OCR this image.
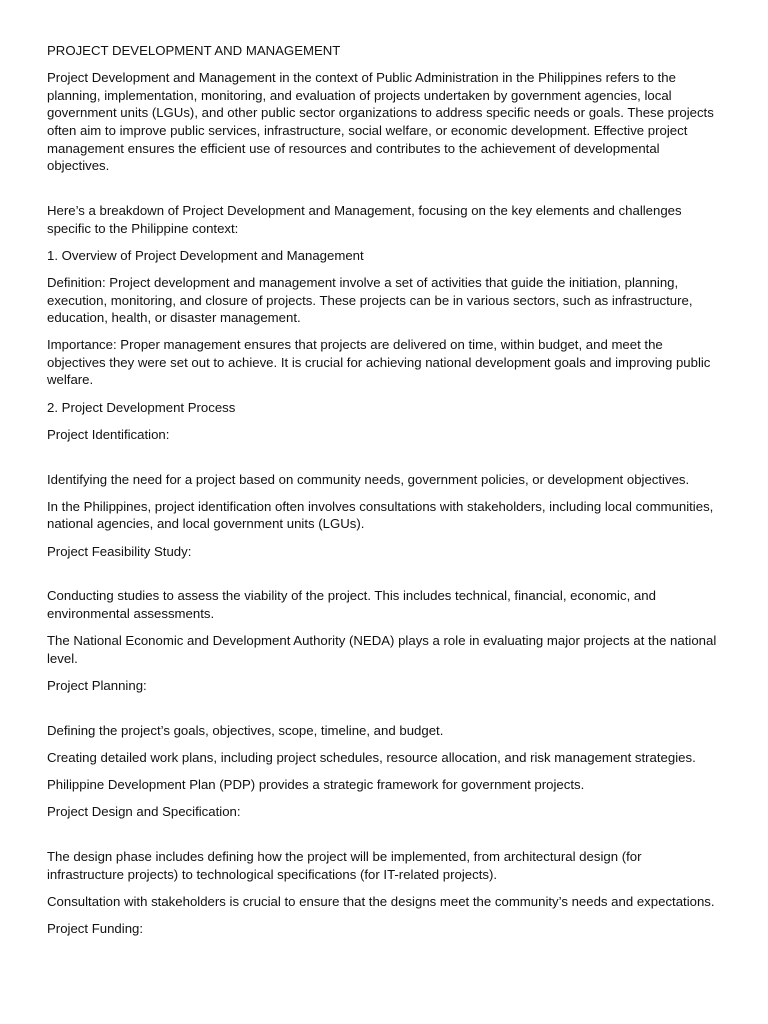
PROJECT DEVELOPMENT AND MANAGEMENT

Project Development and Management in the context of Public Administration in the Philippines refers to the planning, implementation, monitoring, and evaluation of projects undertaken by government agencies, local government units (LGUs), and other public sector organizations to address specific needs or goals. These projects often aim to improve public services, infrastructure, social welfare, or economic development. Effective project management ensures the efficient use of resources and contributes to the achievement of developmental objectives.

Here’s a breakdown of Project Development and Management, focusing on the key elements and challenges specific to the Philippine context:

1. Overview of Project Development and Management

Definition: Project development and management involve a set of activities that guide the initiation, planning, execution, monitoring, and closure of projects. These projects can be in various sectors, such as infrastructure, education, health, or disaster management.

Importance: Proper management ensures that projects are delivered on time, within budget, and meet the objectives they were set out to achieve. It is crucial for achieving national development goals and improving public welfare.

2. Project Development Process

Project Identification:

Identifying the need for a project based on community needs, government policies, or development objectives.

In the Philippines, project identification often involves consultations with stakeholders, including local communities, national agencies, and local government units (LGUs).

Project Feasibility Study:

Conducting studies to assess the viability of the project. This includes technical, financial, economic, and environmental assessments.

The National Economic and Development Authority (NEDA) plays a role in evaluating major projects at the national level.

Project Planning:

Defining the project’s goals, objectives, scope, timeline, and budget.

Creating detailed work plans, including project schedules, resource allocation, and risk management strategies.

Philippine Development Plan (PDP) provides a strategic framework for government projects.

Project Design and Specification:

The design phase includes defining how the project will be implemented, from architectural design (for infrastructure projects) to technological specifications (for IT-related projects).

Consultation with stakeholders is crucial to ensure that the designs meet the community’s needs and expectations.

Project Funding:
